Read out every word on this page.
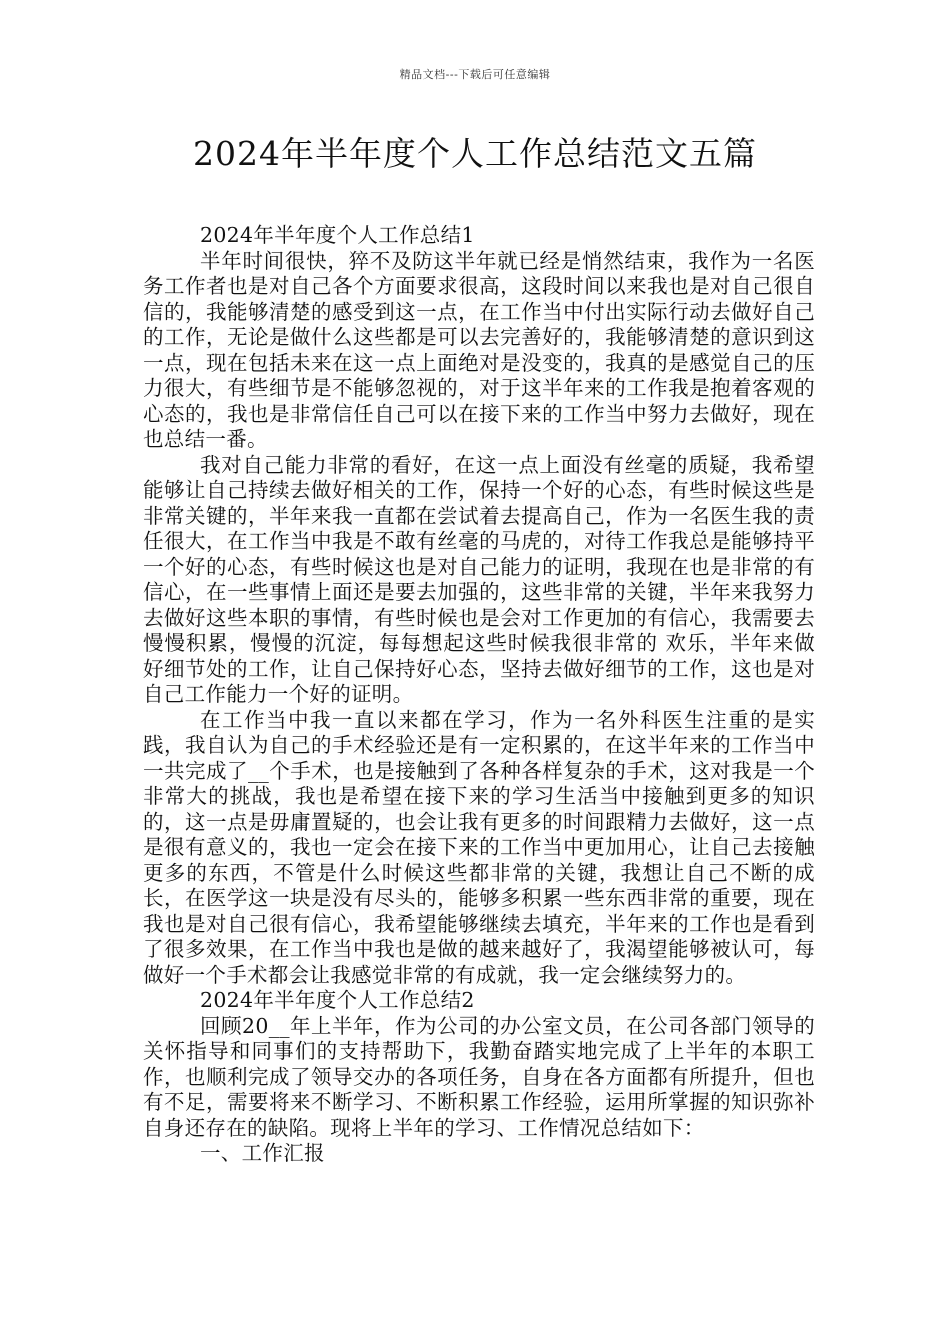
精品文档---下载后可任意编辑
2024年半年度个人工作总结范文五篇

2024年半年度个人工作总结1

半年时间很快，猝不及防这半年就已经是悄然结束，我作为一名医务工作者也是对自己各个方面要求很高，这段时间以来我也是对自己很自信的，我能够清楚的感受到这一点，在工作当中付出实际行动去做好自己的工作，无论是做什么这些都是可以去完善好的，我能够清楚的意识到这一点，现在包括未来在这一点上面绝对是没变的，我真的是感觉自己的压力很大，有些细节是不能够忽视的，对于这半年来的工作我是抱着客观的心态的，我也是非常信任自己可以在接下来的工作当中努力去做好，现在也总结一番。

我对自己能力非常的看好，在这一点上面没有丝毫的质疑，我希望能够让自己持续去做好相关的工作，保持一个好的心态，有些时候这些是非常关键的，半年来我一直都在尝试着去提高自己，作为一名医生我的责任很大，在工作当中我是不敢有丝毫的马虎的，对待工作我总是能够持平一个好的心态，有些时候这也是对自己能力的证明，我现在也是非常的有信心，在一些事情上面还是要去加强的，这些非常的关键，半年来我努力去做好这些本职的事情，有些时候也是会对工作更加的有信心，我需要去慢慢积累，慢慢的沉淀，每每想起这些时候我很非常的 欢乐，半年来做好细节处的工作，让自己保持好心态，坚持去做好细节的工作，这也是对自己工作能力一个好的证明。

在工作当中我一直以来都在学习，作为一名外科医生注重的是实践，我自认为自己的手术经验还是有一定积累的，在这半年来的工作当中一共完成了__个手术，也是接触到了各种各样复杂的手术，这对我是一个非常大的挑战，我也是希望在接下来的学习生活当中接触到更多的知识的，这一点是毋庸置疑的，也会让我有更多的时间跟精力去做好，这一点是很有意义的，我也一定会在接下来的工作当中更加用心，让自己去接触更多的东西，不管是什么时候这些都非常的关键，我想让自己不断的成长，在医学这一块是没有尽头的，能够多积累一些东西非常的重要，现在我也是对自己很有信心，我希望能够继续去填充，半年来的工作也是看到了很多效果，在工作当中我也是做的越来越好了，我渴望能够被认可，每做好一个手术都会让我感觉非常的有成就，我一定会继续努力的。

2024年半年度个人工作总结2

回顾20__年上半年，作为公司的办公室文员，在公司各部门领导的关怀指导和同事们的支持帮助下，我勤奋踏实地完成了上半年的本职工作，也顺利完成了领导交办的各项任务，自身在各方面都有所提升，但也有不足，需要将来不断学习、不断积累工作经验，运用所掌握的知识弥补自身还存在的缺陷。现将上半年的学习、工作情况总结如下：

一、工作汇报
